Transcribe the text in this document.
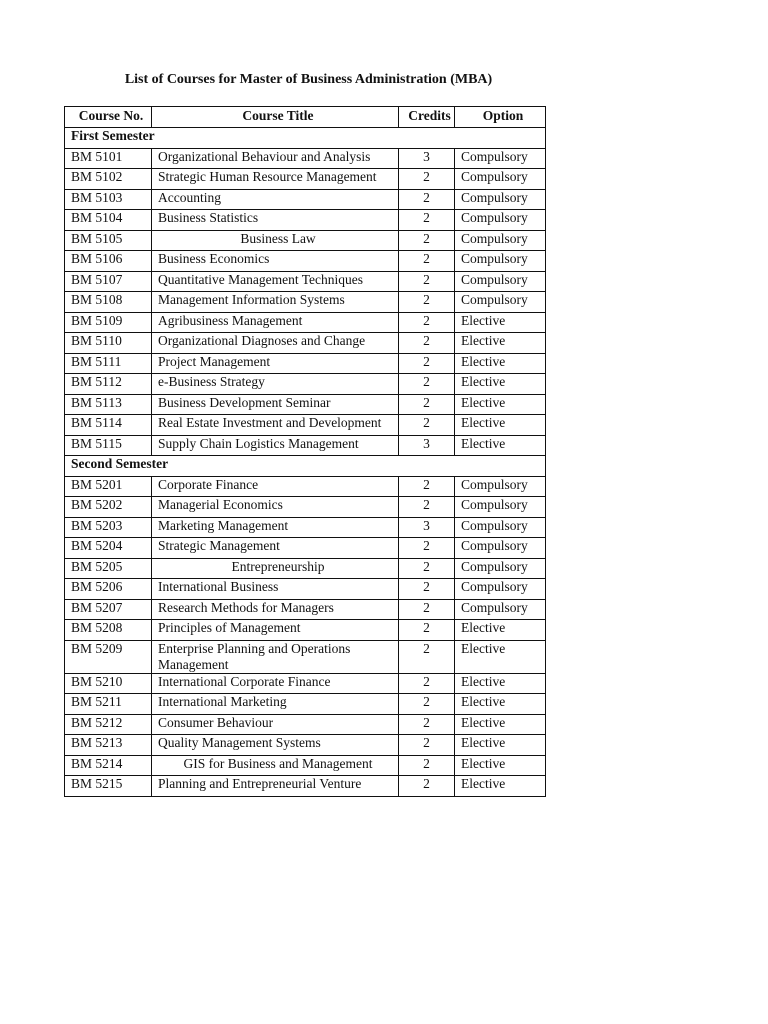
List of Courses for Master of Business Administration (MBA)
Course No.	Course Title	Credits	Option
First Semester			
BM 5101	Organizational Behaviour and Analysis	3	Compulsory
BM 5102	Strategic Human Resource Management	2	Compulsory
BM 5103	Accounting	2	Compulsory
BM 5104	Business Statistics	2	Compulsory
BM 5105	Business Law	2	Compulsory
BM 5106	Business Economics	2	Compulsory
BM 5107	Quantitative Management Techniques	2	Compulsory
BM 5108	Management Information Systems	2	Compulsory
BM 5109	Agribusiness Management	2	Elective
BM 5110	Organizational Diagnoses and Change	2	Elective
BM 5111	Project Management	2	Elective
BM 5112	e-Business Strategy	2	Elective
BM 5113	Business Development Seminar	2	Elective
BM 5114	Real Estate Investment and Development	2	Elective
BM 5115	Supply Chain Logistics Management	3	Elective
Second Semester			
BM 5201	Corporate Finance	2	Compulsory
BM 5202	Managerial Economics	2	Compulsory
BM 5203	Marketing Management	3	Compulsory
BM 5204	Strategic Management	2	Compulsory
BM 5205	Entrepreneurship	2	Compulsory
BM 5206	International Business	2	Compulsory
BM 5207	Research Methods for Managers	2	Compulsory
BM 5208	Principles of Management	2	Elective
BM 5209	Enterprise Planning and Operations Management	2	Elective
BM 5210	International Corporate Finance	2	Elective
BM 5211	International Marketing	2	Elective
BM 5212	Consumer Behaviour	2	Elective
BM 5213	Quality Management Systems	2	Elective
BM 5214	GIS for Business and Management	2	Elective
BM 5215	Planning and Entrepreneurial Venture	2	Elective
